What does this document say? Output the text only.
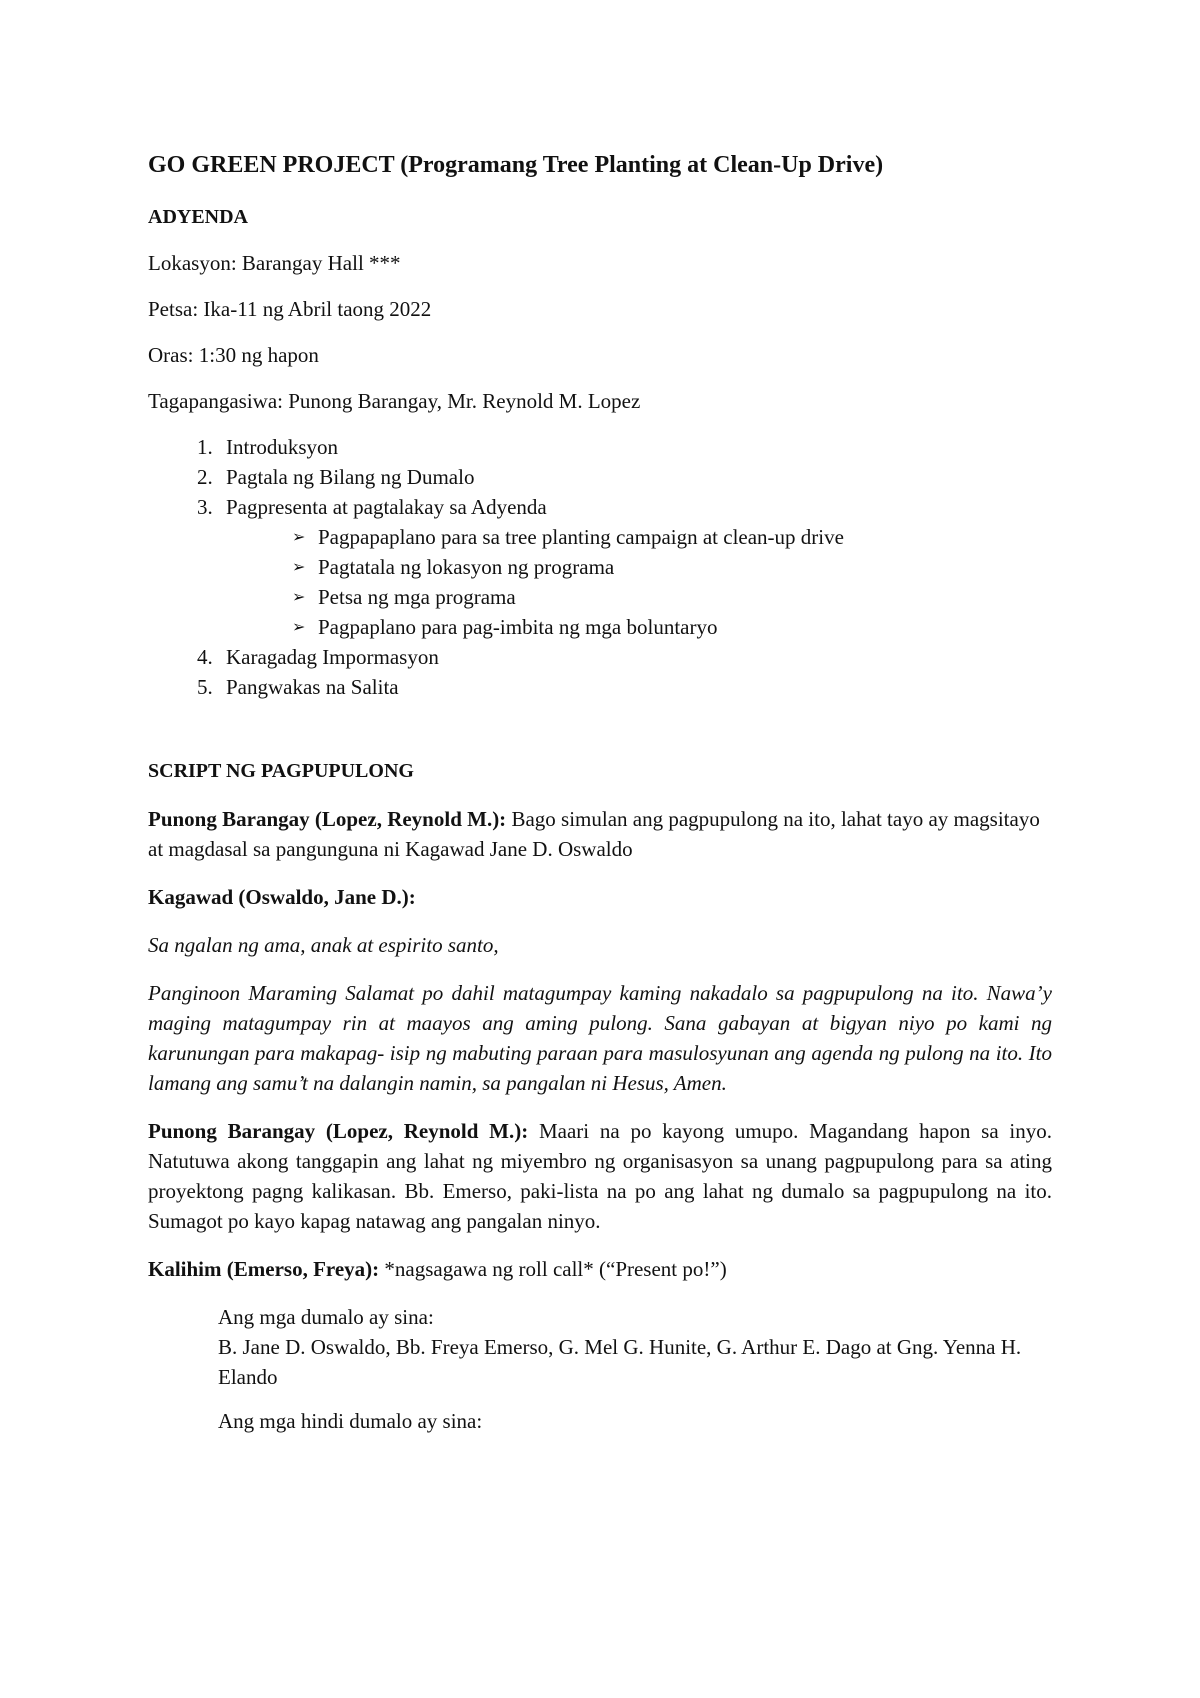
GO GREEN PROJECT (Programang Tree Planting at Clean-Up Drive)
ADYENDA
Lokasyon: Barangay Hall ***
Petsa: Ika-11 ng Abril taong 2022
Oras: 1:30 ng hapon
Tagapangasiwa: Punong Barangay, Mr. Reynold M. Lopez
1. Introduksyon
2. Pagtala ng Bilang ng Dumalo
3. Pagpresenta at pagtalakay sa Adyenda
➢ Pagpapaplano para sa tree planting campaign at clean-up drive
➢ Pagtatala ng lokasyon ng programa
➢ Petsa ng mga programa
➢ Pagpaplano para pag-imbita ng mga boluntaryo
4. Karagadag Impormasyon
5. Pangwakas na Salita
SCRIPT NG PAGPUPULONG

Punong Barangay (Lopez, Reynold M.): Bago simulan ang pagpupulong na ito, lahat tayo ay magsitayo at magdasal sa pangunguna ni Kagawad Jane D. Oswaldo

Kagawad (Oswaldo, Jane D.):

Sa ngalan ng ama, anak at espirito santo,

Panginoon Maraming Salamat po dahil matagumpay kaming nakadalo sa pagpupulong na ito. Nawa’y maging matagumpay rin at maayos ang aming pulong. Sana gabayan at bigyan niyo po kami ng karunungan para makapag- isip ng mabuting paraan para masulosyunan ang agenda ng pulong na ito. Ito lamang ang samu’t na dalangin namin, sa pangalan ni Hesus, Amen.

Punong Barangay (Lopez, Reynold M.): Maari na po kayong umupo. Magandang hapon sa inyo. Natutuwa akong tanggapin ang lahat ng miyembro ng organisasyon sa unang pagpupulong para sa ating proyektong pagng kalikasan. Bb. Emerso, paki-lista na po ang lahat ng dumalo sa pagpupulong na ito. Sumagot po kayo kapag natawag ang pangalan ninyo.

Kalihim (Emerso, Freya): *nagsagawa ng roll call* (“Present po!”)

Ang mga dumalo ay sina:

B. Jane D. Oswaldo, Bb. Freya Emerso, G. Mel G. Hunite, G. Arthur E. Dago at Gng. Yenna H. Elando

Ang mga hindi dumalo ay sina:
